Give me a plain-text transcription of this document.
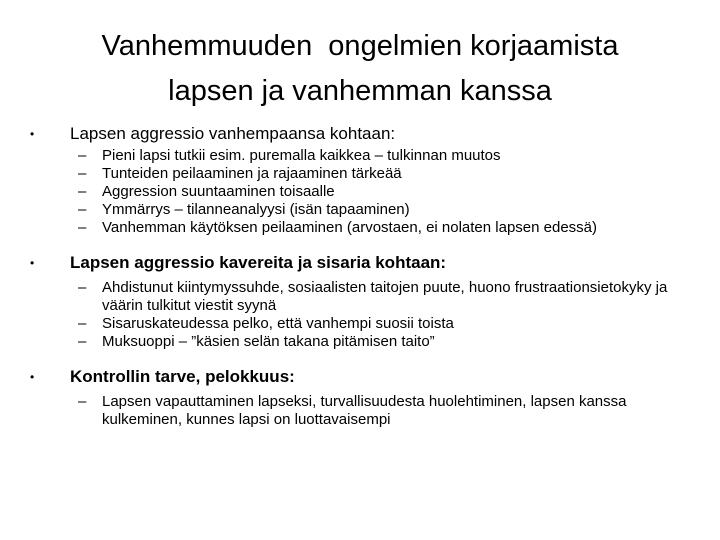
Vanhemmuuden  ongelmien korjaamista
lapsen ja vanhemman kanssa
• Lapsen aggressio vanhempaansa kohtaan:
– Pieni lapsi tutkii esim. puremalla kaikkea – tulkinnan muutos
– Tunteiden peilaaminen ja rajaaminen tärkeää
– Aggression suuntaaminen toisaalle
– Ymmärrys – tilanneanalyysi (isän tapaaminen)
– Vanhemman käytöksen peilaaminen (arvostaen, ei nolaten lapsen edessä)
• Lapsen aggressio kavereita ja sisaria kohtaan:
– Ahdistunut kiintymyssuhde, sosiaalisten taitojen puute, huono frustraationsietokyky ja väärin tulkitut viestit syynä
– Sisaruskateudessa pelko, että vanhempi suosii toista
– Muksuoppi – ”käsien selän takana pitämisen taito”
• Kontrollin tarve, pelokkuus:
– Lapsen vapauttaminen lapseksi, turvallisuudesta huolehtiminen, lapsen kanssa kulkeminen, kunnes lapsi on luottavaisempi
